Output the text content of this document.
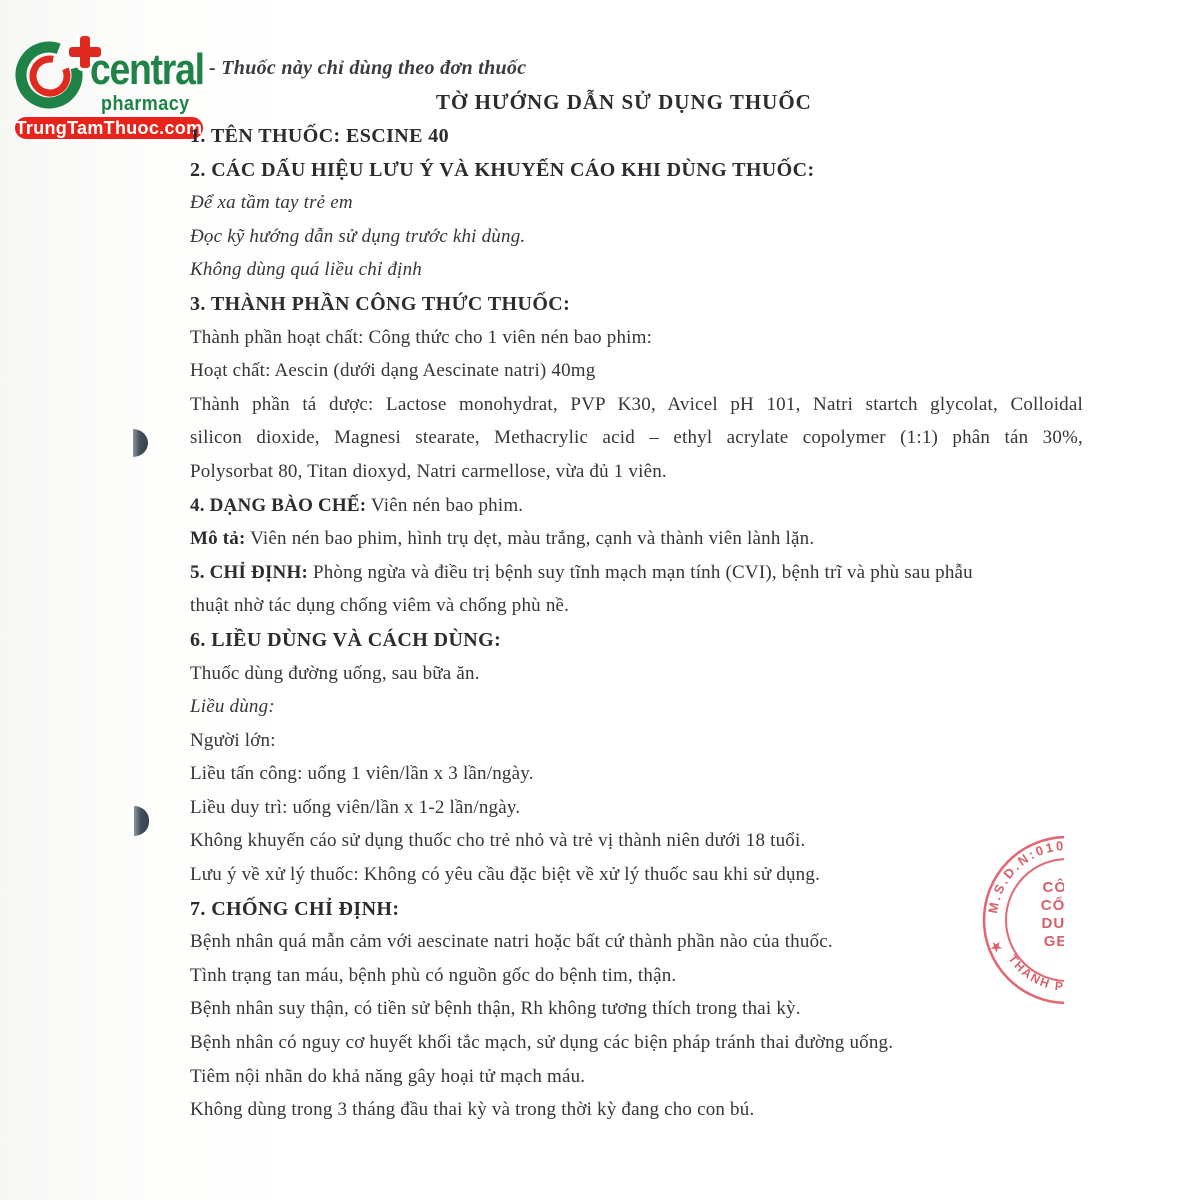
central
pharmacy
TrungTamThuoc.com
- Thuốc này chỉ dùng theo đơn thuốc
TỜ HƯỚNG DẪN SỬ DỤNG THUỐC
1. TÊN THUỐC: ESCINE 40
2. CÁC DẤU HIỆU LƯU Ý VÀ KHUYẾN CÁO KHI DÙNG THUỐC:
Để xa tầm tay trẻ em
Đọc kỹ hướng dẫn sử dụng trước khi dùng.
Không dùng quá liều chỉ định
3. THÀNH PHẦN CÔNG THỨC THUỐC:
Thành phần hoạt chất: Công thức cho 1 viên nén bao phim:
Hoạt chất: Aescin (dưới dạng Aescinate natri) 40mg
Thành phần tá dược: Lactose monohydrat, PVP K30, Avicel pH 101, Natri startch glycolat, Colloidal
silicon dioxide, Magnesi stearate, Methacrylic acid – ethyl acrylate copolymer (1:1) phân tán 30%,
Polysorbat 80, Titan dioxyd, Natri carmellose, vừa đủ 1 viên.
4. DẠNG BÀO CHẾ: Viên nén bao phim.
Mô tả: Viên nén bao phim, hình trụ dẹt, màu trắng, cạnh và thành viên lành lặn.
5. CHỈ ĐỊNH: Phòng ngừa và điều trị bệnh suy tĩnh mạch mạn tính (CVI), bệnh trĩ và phù sau phẫu
thuật nhờ tác dụng chống viêm và chống phù nề.
6. LIỀU DÙNG VÀ CÁCH DÙNG:
Thuốc dùng đường uống, sau bữa ăn.
Liều dùng:
Người lớn:
Liều tấn công: uống 1 viên/lần x 3 lần/ngày.
Liều duy trì: uống viên/lần x 1-2 lần/ngày.
Không khuyến cáo sử dụng thuốc cho trẻ nhỏ và trẻ vị thành niên dưới 18 tuổi.
Lưu ý về xử lý thuốc: Không có yêu cầu đặc biệt về xử lý thuốc sau khi sử dụng.
7. CHỐNG CHỈ ĐỊNH:
Bệnh nhân quá mẫn cảm với aescinate natri hoặc bất cứ thành phần nào của thuốc.
Tình trạng tan máu, bệnh phù có nguồn gốc do bệnh tim, thận.
Bệnh nhân suy thận, có tiền sử bệnh thận, Rh không tương thích trong thai kỳ.
Bệnh nhân có nguy cơ huyết khối tắc mạch, sử dụng các biện pháp tránh thai đường uống.
Tiêm nội nhãn do khả năng gây hoại tử mạch máu.
Không dùng trong 3 tháng đầu thai kỳ và trong thời kỳ đang cho con bú.
M.S.D.N:01069
THÀNH PH
★
CÔNG
CỔ PH
DƯỢC
GENE
